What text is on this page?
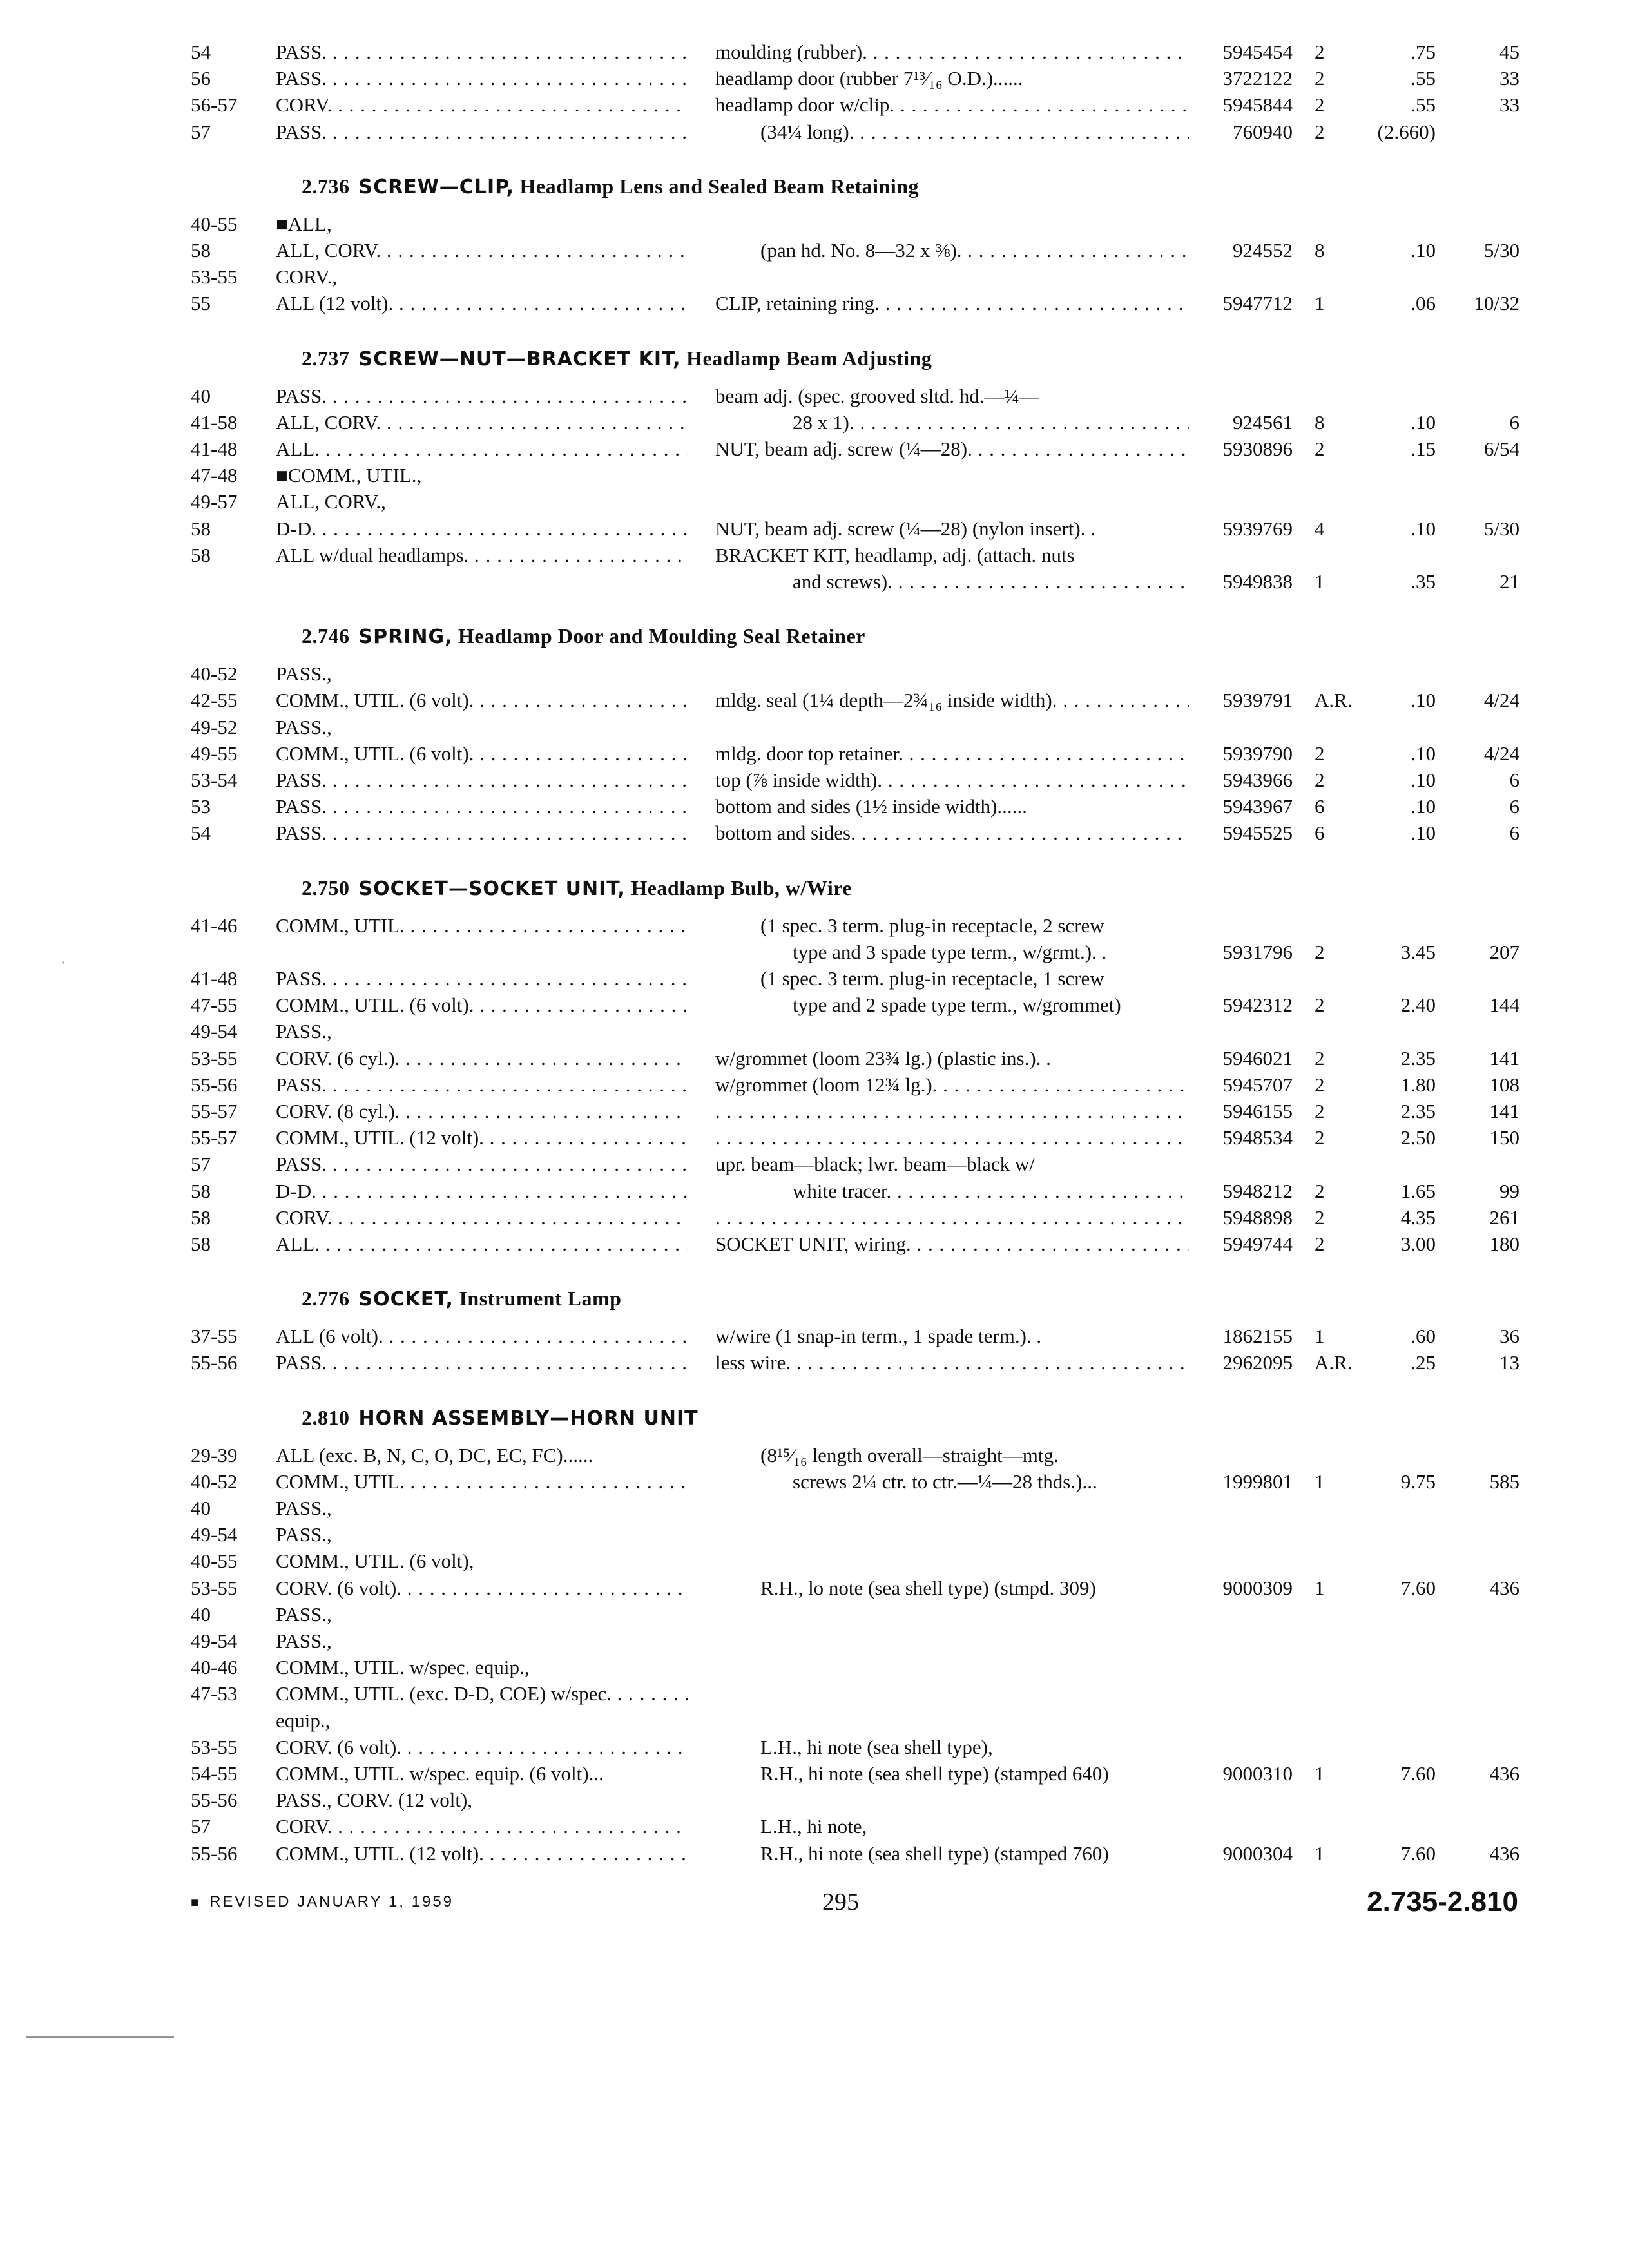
54	PASS. . . .	moulding (rubber). . . .	5945454 2	.75	45
56	PASS. . . .	headlamp door (rubber 7¹³⁄₁₆ O.D.)......	3722122 2	.55	33
56-57 CORV. . . .	headlamp door w/clip. . . .	5945844 2	.55	33
57	PASS. . . .	(34¼ long). . . .	760940 2	(2.660)
2.736 SCREW—CLIP, Headlamp Lens and Sealed Beam Retaining
40-55 ■ALL,
58	ALL, CORV. . . .	(pan hd. No. 8—32 x ⅜). . . .	924552 8	.10	5/30
53-55 CORV.,
55	ALL (12 volt). . . .	CLIP, retaining ring. . . .	5947712 1	.06	10/32
2.737 SCREW—NUT—BRACKET KIT, Headlamp Beam Adjusting
40	PASS. . . .	beam adj. (spec. grooved sltd. hd.—¼—
41-58 ALL, CORV. . . .	28 x 1). . . .	924561 8	.10	6
41-48 ALL. . . .	NUT, beam adj. screw (¼—28). . . .	5930896 2	.15	6/54
47-48 ■COMM., UTIL.,
49-57 ALL, CORV.,
58	D-D. . . .	NUT, beam adj. screw (¼—28) (nylon insert). .	5939769 4	.10	5/30
58	ALL w/dual headlamps. . . .	BRACKET KIT, headlamp, adj. (attach. nuts
and screws). . . .	5949838 1	.35	21
2.746 SPRING, Headlamp Door and Moulding Seal Retainer
40-52 PASS.,
42-55 COMM., UTIL. (6 volt). . . .	mldg. seal (1¼ depth—2¾₁₆ inside width). . . .	5939791 A.R.	.10	4/24
49-52 PASS.,
49-55 COMM., UTIL. (6 volt). . . .	mldg. door top retainer. . . .	5939790 2	.10	4/24
53-54 PASS. . . .	top (⅞ inside width). . . .	5943966 2	.10	6
53	PASS. . . .	bottom and sides (1½ inside width)......	5943967 6	.10	6
54	PASS. . . .	bottom and sides. . . .	5945525 6	.10	6
2.750 SOCKET—SOCKET UNIT, Headlamp Bulb, w/Wire
41-46 COMM., UTIL. . . .	(1 spec. 3 term. plug-in receptacle, 2 screw
type and 3 spade type term., w/grmt.). .	5931796 2	3.45	207
41-48 PASS. . . .	(1 spec. 3 term. plug-in receptacle, 1 screw
47-55 COMM., UTIL. (6 volt). . . .	type and 2 spade type term., w/grommet)	5942312 2	2.40	144
49-54 PASS.,
53-55 CORV. (6 cyl.). . . .	w/grommet (loom 23¾ lg.) (plastic ins.). .	5946021 2	2.35	141
55-56 PASS. . . .	w/grommet (loom 12¾ lg.). . . .	5945707 2	1.80	108
55-57 CORV. (8 cyl.). . . . . . .	5946155 2	2.35	141
55-57 COMM., UTIL. (12 volt). . . . . . .	5948534 2	2.50	150
57	PASS. . . .	upr. beam—black; lwr. beam—black w/
58	D-D. . . .	white tracer. . . .	5948212 2	1.65	99
58	CORV. . . . . . .	5948898 2	4.35	261
58	ALL. . . .	SOCKET UNIT, wiring. . . .	5949744 2	3.00	180
2.776 SOCKET, Instrument Lamp
37-55 ALL (6 volt). . . .	w/wire (1 snap-in term., 1 spade term.). .	1862155 1	.60	36
55-56 PASS. . . .	less wire. . . .	2962095 A.R.	.25	13
2.810 HORN ASSEMBLY—HORN UNIT
29-39 ALL (exc. B, N, C, O, DC, EC, FC)......	(8¹⁵⁄₁₆ length overall—straight—mtg.
40-52 COMM., UTIL. . . .	screws 2¼ ctr. to ctr.—¼—28 thds.)...	1999801 1	9.75	585
40	PASS.,
49-54 PASS.,
40-55 COMM., UTIL. (6 volt),
53-55 CORV. (6 volt). . . .	R.H., lo note (sea shell type) (stmpd. 309)	9000309 1	7.60	436
40	PASS.,
49-54 PASS.,
40-46 COMM., UTIL. w/spec. equip.,
47-53 COMM., UTIL. (exc. D-D, COE) w/spec. . . .
equip.,
53-55 CORV. (6 volt). . . .	L.H., hi note (sea shell type),
54-55 COMM., UTIL. w/spec. equip. (6 volt)...	R.H., hi note (sea shell type) (stamped 640)	9000310 1	7.60	436
55-56 PASS., CORV. (12 volt),
57	CORV. . . .	L.H., hi note,
55-56 COMM., UTIL. (12 volt). . . .	R.H., hi note (sea shell type) (stamped 760)	9000304 1	7.60	436
■ REVISED JANUARY 1, 1959	295	2.735-2.810
